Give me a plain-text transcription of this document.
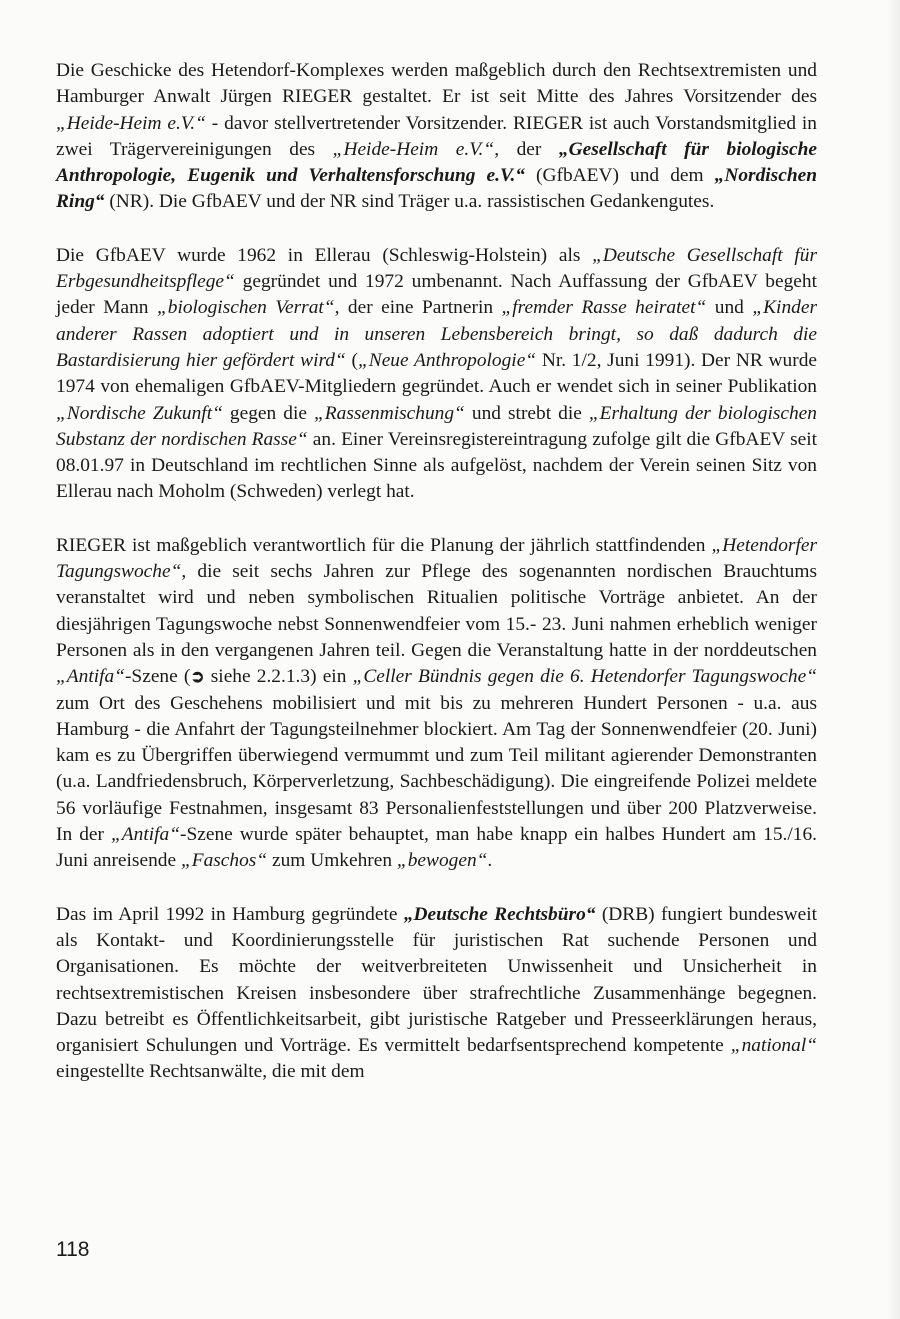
Die Geschicke des Hetendorf-Komplexes werden maßgeblich durch den Rechtsextremisten und Hamburger Anwalt Jürgen RIEGER gestaltet. Er ist seit Mitte des Jahres Vorsitzender des „Heide-Heim e.V.“ - davor stellvertretender Vorsitzender. RIEGER ist auch Vorstandsmitglied in zwei Trägervereinigungen des „Heide-Heim e.V.“, der „Gesellschaft für biologische Anthropologie, Eugenik und Verhaltensforschung e.V.“ (GfbAEV) und dem „Nordischen Ring“ (NR). Die GfbAEV und der NR sind Träger u.a. rassistischen Gedankengutes.

Die GfbAEV wurde 1962 in Ellerau (Schleswig-Holstein) als „Deutsche Gesellschaft für Erbgesundheitspflege“ gegründet und 1972 umbenannt. Nach Auffassung der GfbAEV begeht jeder Mann „biologischen Verrat“, der eine Partnerin „fremder Rasse heiratet“ und „Kinder anderer Rassen adoptiert und in unseren Lebensbereich bringt, so daß dadurch die Bastardisierung hier gefördert wird“ („Neue Anthropologie“ Nr. 1/2, Juni 1991). Der NR wurde 1974 von ehemaligen GfbAEV-Mitgliedern gegründet. Auch er wendet sich in seiner Publikation „Nordische Zukunft“ gegen die „Rassenmischung“ und strebt die „Erhaltung der biologischen Substanz der nordischen Rasse“ an. Einer Vereinsregistereintragung zufolge gilt die GfbAEV seit 08.01.97 in Deutschland im rechtlichen Sinne als aufgelöst, nachdem der Verein seinen Sitz von Ellerau nach Moholm (Schweden) verlegt hat.

RIEGER ist maßgeblich verantwortlich für die Planung der jährlich stattfindenden „Hetendorfer Tagungswoche“, die seit sechs Jahren zur Pflege des sogenannten nordischen Brauchtums veranstaltet wird und neben symbolischen Ritualien politische Vorträge anbietet. An der diesjährigen Tagungswoche nebst Sonnenwendfeier vom 15.- 23. Juni nahmen erheblich weniger Personen als in den vergangenen Jahren teil. Gegen die Veranstaltung hatte in der norddeutschen „Antifa“-Szene (➲ siehe 2.2.1.3) ein „Celler Bündnis gegen die 6. Hetendorfer Tagungswoche“ zum Ort des Geschehens mobilisiert und mit bis zu mehreren Hundert Personen - u.a. aus Hamburg - die Anfahrt der Tagungsteilnehmer blockiert. Am Tag der Sonnenwendfeier (20. Juni) kam es zu Übergriffen überwiegend vermummt und zum Teil militant agierender Demonstranten (u.a. Landfriedensbruch, Körperverletzung, Sachbeschädigung). Die eingreifende Polizei meldete 56 vorläufige Festnahmen, insgesamt 83 Personalienfeststellungen und über 200 Platzverweise. In der „Antifa“-Szene wurde später behauptet, man habe knapp ein halbes Hundert am 15./16. Juni anreisende „Faschos“ zum Umkehren „bewogen“.

Das im April 1992 in Hamburg gegründete „Deutsche Rechtsbüro“ (DRB) fungiert bundesweit als Kontakt- und Koordinierungsstelle für juristischen Rat suchende Personen und Organisationen. Es möchte der weitverbreiteten Unwissenheit und Unsicherheit in rechtsextremistischen Kreisen insbesondere über strafrechtliche Zusammenhänge begegnen. Dazu betreibt es Öffentlichkeitsarbeit, gibt juristische Ratgeber und Presseerklärungen heraus, organisiert Schulungen und Vorträge. Es vermittelt bedarfsentsprechend kompetente „national“ eingestellte Rechtsanwälte, die mit dem

118
